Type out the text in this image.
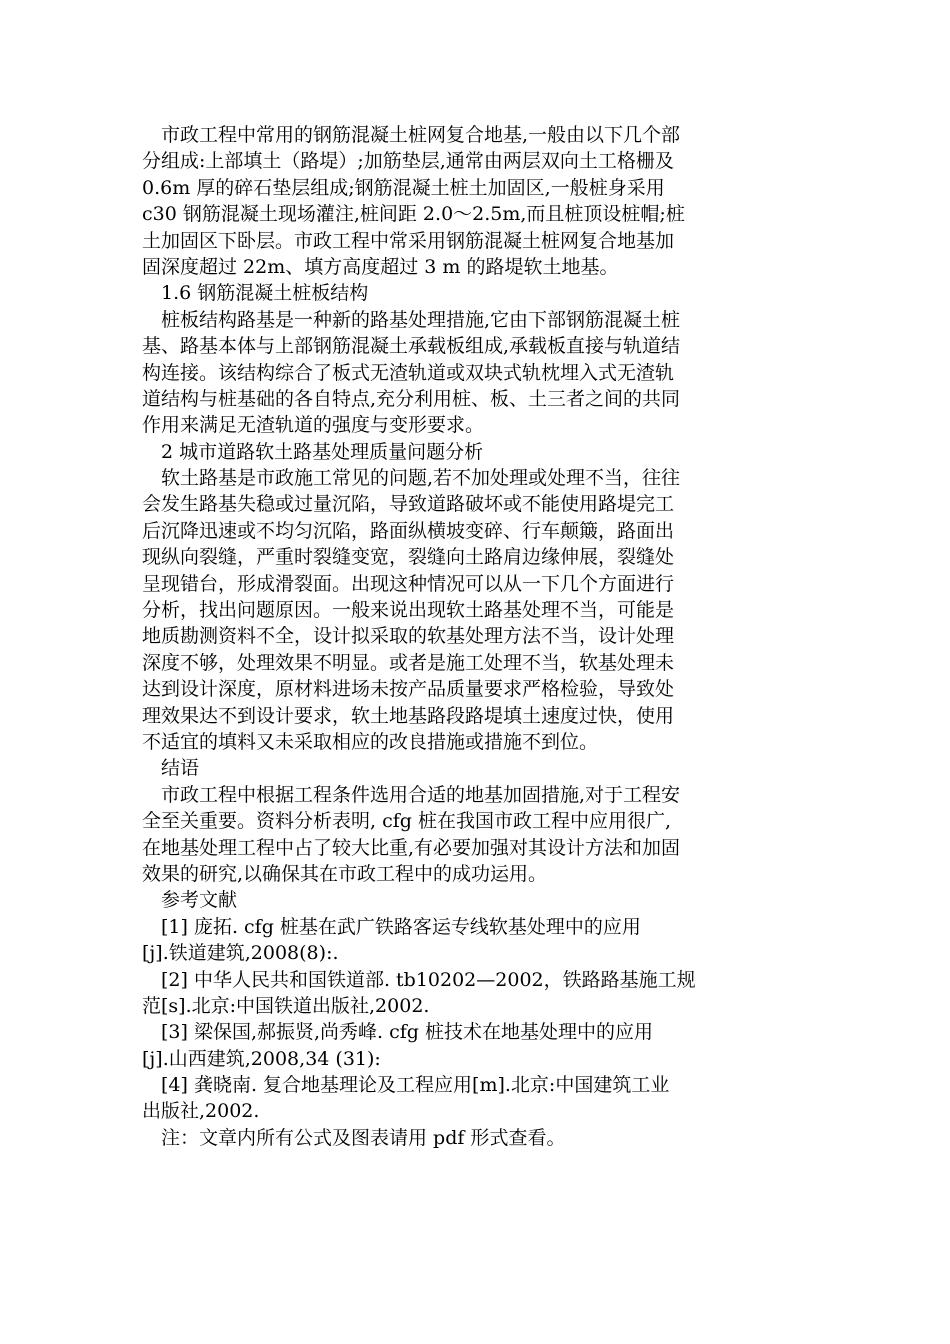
　市政工程中常用的钢筋混凝土桩网复合地基,一般由以下几个部
分组成:上部填土（路堤）;加筋垫层,通常由两层双向土工格栅及
0.6m 厚的碎石垫层组成;钢筋混凝土桩土加固区,一般桩身采用
c30 钢筋混凝土现场灌注,桩间距 2.0～2.5m,而且桩顶设桩帽;桩
土加固区下卧层。市政工程中常采用钢筋混凝土桩网复合地基加
固深度超过 22m、填方高度超过 3 m 的路堤软土地基。
　1.6 钢筋混凝土桩板结构
　桩板结构路基是一种新的路基处理措施,它由下部钢筋混凝土桩
基、路基本体与上部钢筋混凝土承载板组成,承载板直接与轨道结
构连接。该结构综合了板式无渣轨道或双块式轨枕埋入式无渣轨
道结构与桩基础的各自特点,充分利用桩、板、土三者之间的共同
作用来满足无渣轨道的强度与变形要求。
　2 城市道路软土路基处理质量问题分析
　软土路基是市政施工常见的问题,若不加处理或处理不当，往往
会发生路基失稳或过量沉陷，导致道路破坏或不能使用路堤完工
后沉降迅速或不均匀沉陷，路面纵横坡变碎、行车颠簸，路面出
现纵向裂缝，严重时裂缝变宽，裂缝向土路肩边缘伸展，裂缝处
呈现错台，形成滑裂面。出现这种情况可以从一下几个方面进行
分析，找出问题原因。一般来说出现软土路基处理不当，可能是
地质勘测资料不全，设计拟采取的软基处理方法不当，设计处理
深度不够，处理效果不明显。或者是施工处理不当，软基处理未
达到设计深度，原材料进场未按产品质量要求严格检验，导致处
理效果达不到设计要求，软土地基路段路堤填土速度过快，使用
不适宜的填料又未采取相应的改良措施或措施不到位。
　结语
　市政工程中根据工程条件选用合适的地基加固措施,对于工程安
全至关重要。资料分析表明, cfg 桩在我国市政工程中应用很广,
在地基处理工程中占了较大比重,有必要加强对其设计方法和加固
效果的研究,以确保其在市政工程中的成功运用。
　参考文献
　[1] 庞拓. cfg 桩基在武广铁路客运专线软基处理中的应用
[j].铁道建筑,2008(8):.
　[2] 中华人民共和国铁道部. tb10202—2002，铁路路基施工规
范[s].北京:中国铁道出版社,2002.
　[3] 梁保国,郝振贤,尚秀峰. cfg 桩技术在地基处理中的应用
[j].山西建筑,2008,34 (31):
　[4] 龚晓南. 复合地基理论及工程应用[m].北京:中国建筑工业
出版社,2002.
　注：文章内所有公式及图表请用 pdf 形式查看。
